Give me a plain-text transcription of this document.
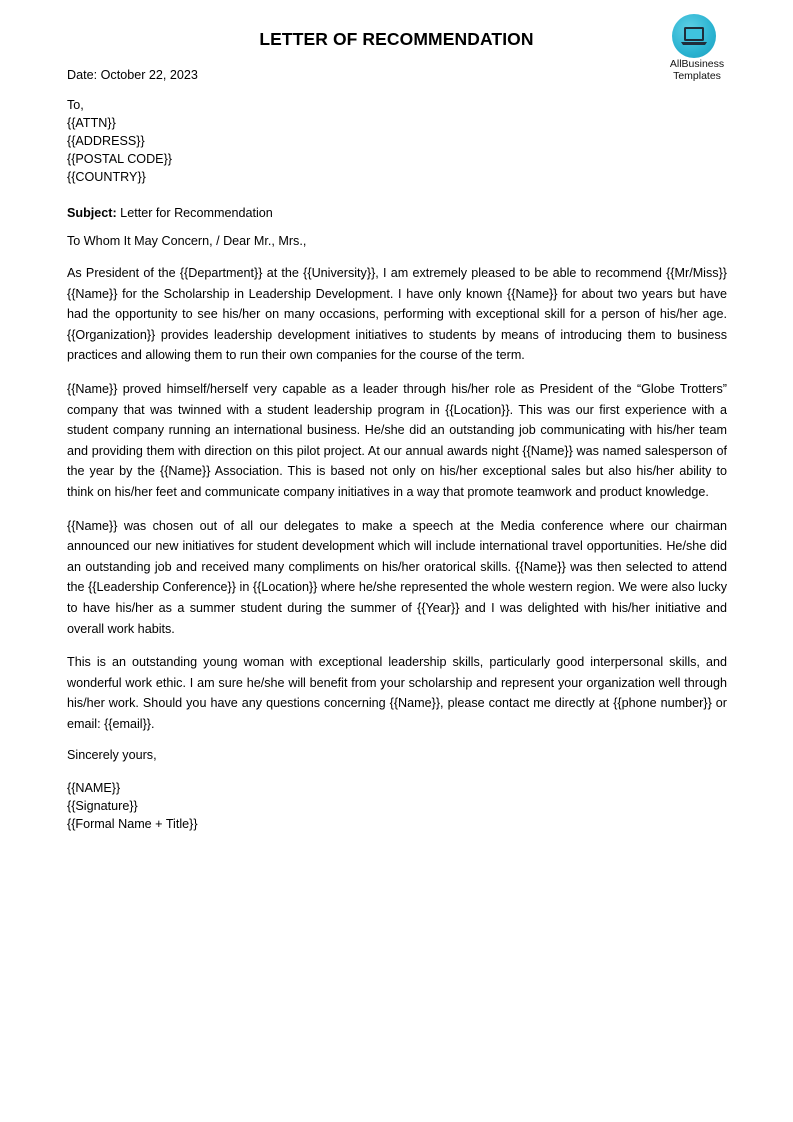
LETTER OF RECOMMENDATION
AllBusiness
Templates
Date: October 22, 2023
To,
{{ATTN}}
{{ADDRESS}}
{{POSTAL CODE}}
{{COUNTRY}}
Subject: Letter for Recommendation
To Whom It May Concern, / Dear Mr., Mrs.,

As President of the {{Department}} at the {{University}}, I am extremely pleased to be able to recommend {{Mr/Miss}} {{Name}} for the Scholarship in Leadership Development. I have only known {{Name}} for about two years but have had the opportunity to see his/her on many occasions, performing with exceptional skill for a person of his/her age. {{Organization}} provides leadership development initiatives to students by means of introducing them to business practices and allowing them to run their own companies for the course of the term.

{{Name}} proved himself/herself very capable as a leader through his/her role as President of the “Globe Trotters” company that was twinned with a student leadership program in {{Location}}. This was our first experience with a student company running an international business. He/she did an outstanding job communicating with his/her team and providing them with direction on this pilot project. At our annual awards night {{Name}} was named salesperson of the year by the {{Name}} Association. This is based not only on his/her exceptional sales but also his/her ability to think on his/her feet and communicate company initiatives in a way that promote teamwork and product knowledge.

{{Name}} was chosen out of all our delegates to make a speech at the Media conference where our chairman announced our new initiatives for student development which will include international travel opportunities. He/she did an outstanding job and received many compliments on his/her oratorical skills. {{Name}} was then selected to attend the {{Leadership Conference}} in {{Location}} where he/she represented the whole western region. We were also lucky to have his/her as a summer student during the summer of {{Year}} and I was delighted with his/her initiative and overall work habits.

This is an outstanding young woman with exceptional leadership skills, particularly good interpersonal skills, and wonderful work ethic. I am sure he/she will benefit from your scholarship and represent your organization well through his/her work. Should you have any questions concerning {{Name}}, please contact me directly at {{phone number}} or email: {{email}}.

Sincerely yours,
{{NAME}}
{{Signature}}
{{Formal Name + Title}}
